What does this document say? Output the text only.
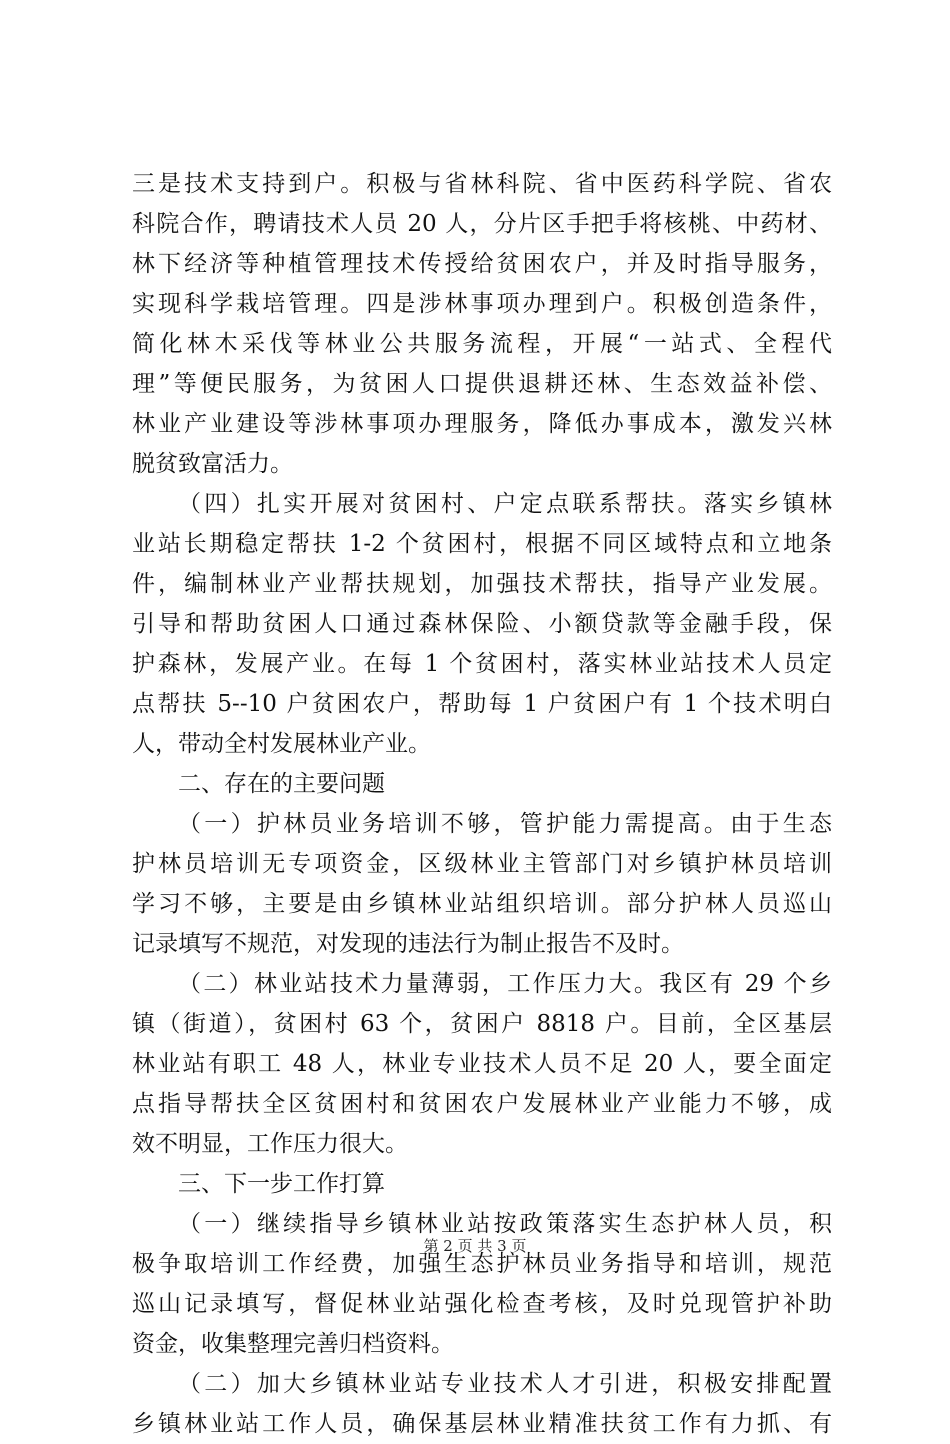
三是技术支持到户。积极与省林科院、省中医药科学院、省农
科院合作，聘请技术人员 20 人，分片区手把手将核桃、中药材、
林下经济等种植管理技术传授给贫困农户，并及时指导服务，
实现科学栽培管理。四是涉林事项办理到户。积极创造条件，
简化林木采伐等林业公共服务流程，开展“一站式、全程代
理”等便民服务，为贫困人口提供退耕还林、生态效益补偿、
林业产业建设等涉林事项办理服务，降低办事成本，激发兴林
脱贫致富活力。
（四）扎实开展对贫困村、户定点联系帮扶。落实乡镇林
业站长期稳定帮扶 1-2 个贫困村，根据不同区域特点和立地条
件，编制林业产业帮扶规划，加强技术帮扶，指导产业发展。
引导和帮助贫困人口通过森林保险、小额贷款等金融手段，保
护森林，发展产业。在每 1 个贫困村，落实林业站技术人员定
点帮扶 5--10 户贫困农户，帮助每 1 户贫困户有 1 个技术明白
人，带动全村发展林业产业。
二、存在的主要问题
（一）护林员业务培训不够，管护能力需提高。由于生态
护林员培训无专项资金，区级林业主管部门对乡镇护林员培训
学习不够，主要是由乡镇林业站组织培训。部分护林人员巡山
记录填写不规范，对发现的违法行为制止报告不及时。
（二）林业站技术力量薄弱，工作压力大。我区有 29 个乡
镇（街道），贫困村 63 个，贫困户 8818 户。目前，全区基层
林业站有职工 48 人，林业专业技术人员不足 20 人，要全面定
点指导帮扶全区贫困村和贫困农户发展林业产业能力不够，成
效不明显，工作压力很大。
三、下一步工作打算
（一）继续指导乡镇林业站按政策落实生态护林人员，积
极争取培训工作经费，加强生态护林员业务指导和培训，规范
巡山记录填写，督促林业站强化检查考核，及时兑现管护补助
资金，收集整理完善归档资料。
（二）加大乡镇林业站专业技术人才引进，积极安排配置
乡镇林业站工作人员，确保基层林业精准扶贫工作有力抓、有
第 2 页 共 3 页
